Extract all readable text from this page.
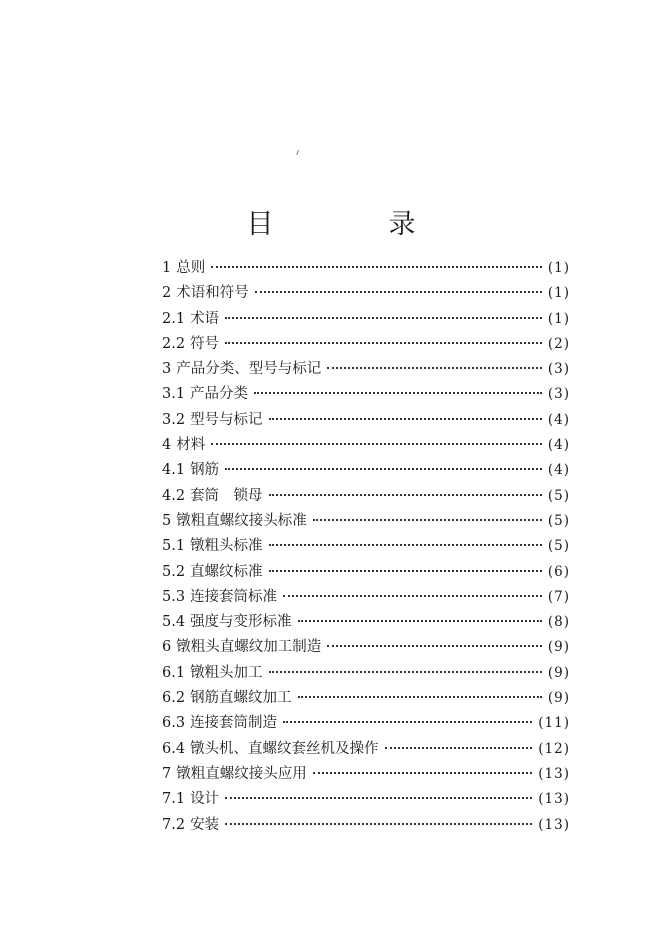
目　录
1 总则	(1)
2 术语和符号	(1)
2.1 术语	(1)
2.2 符号	(2)
3 产品分类、型号与标记	(3)
3.1 产品分类	(3)
3.2 型号与标记	(4)
4 材料	(4)
4.1 钢筋	(4)
4.2 套筒　锁母	(5)
5 镦粗直螺纹接头标准	(5)
5.1 镦粗头标准	(5)
5.2 直螺纹标准	(6)
5.3 连接套筒标准	(7)
5.4 强度与变形标准	(8)
6 镦粗头直螺纹加工制造	(9)
6.1 镦粗头加工	(9)
6.2 钢筋直螺纹加工	(9)
6.3 连接套筒制造	(11)
6.4 镦头机、直螺纹套丝机及操作	(12)
7 镦粗直螺纹接头应用	(13)
7.1 设计	(13)
7.2 安装	(13)
